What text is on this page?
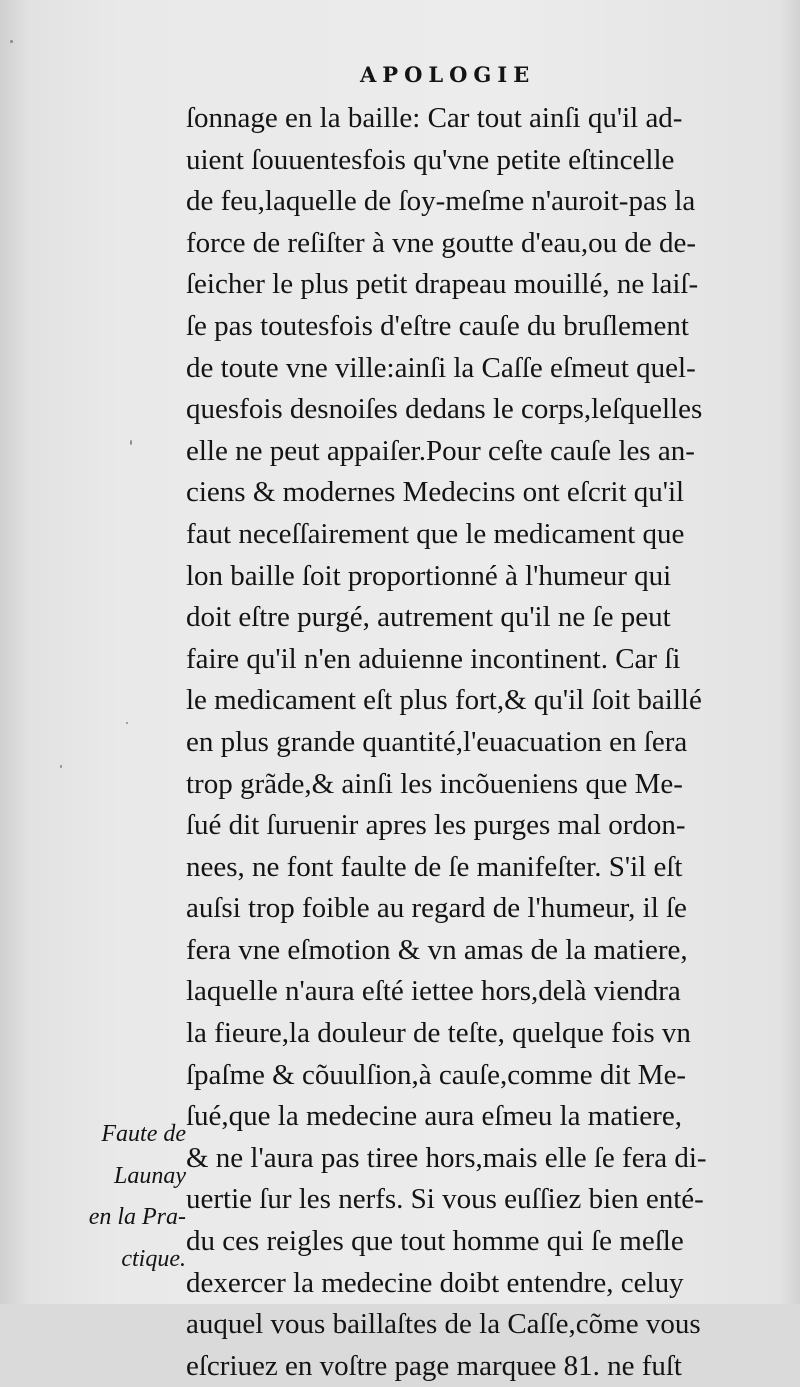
APOLOGIE
ſonnage en la baille: Car tout ainſi qu'il ad-
uient ſouuentesfois qu'vne petite eſtincelle
de feu,laquelle de ſoy-meſme n'auroit-pas la
force de reſiſter à vne goutte d'eau,ou de de-
ſeicher le plus petit drapeau mouillé, ne laiſ-
ſe pas toutesfois d'eſtre cauſe du bruſlement
de toute vne ville:ainſi la Caſſe eſmeut quel-
quesfois desnoiſes dedans le corps,leſquelles
elle ne peut appaiſer.Pour ceſte cauſe les an-
ciens & modernes Medecins ont eſcrit qu'il
faut neceſſairement que le medicament que
lon baille ſoit proportionné à l'humeur qui
doit eſtre purgé, autrement qu'il ne ſe peut
faire qu'il n'en aduienne incontinent. Car ſi
le medicament eſt plus fort,& qu'il ſoit baillé
en plus grande quantité,l'euacuation en ſera
trop grãde,& ainſi les incõueniens que Me-
ſué dit ſuruenir apres les purges mal ordon-
nees, ne font faulte de ſe manifeſter. S'il eſt
auſsi trop foible au regard de l'humeur, il ſe
fera vne eſmotion & vn amas de la matiere,
laquelle n'aura eſté iettee hors,delà viendra
la fieure,la douleur de teſte, quelque fois vn
ſpaſme & cõuulſion,à cauſe,comme dit Me-
ſué,que la medecine aura eſmeu la matiere,
& ne l'aura pas tiree hors,mais elle ſe fera di-
uertie ſur les nerfs. Si vous euſſiez bien enté-
du ces reigles que tout homme qui ſe meſle
dexercer la medecine doibt entendre, celuy
auquel vous baillaſtes de la Caſſe,cõme vous
eſcriuez en voſtre page marquee 81. ne fuſt
Faute de
Launay
en la Pra-
ctique.
